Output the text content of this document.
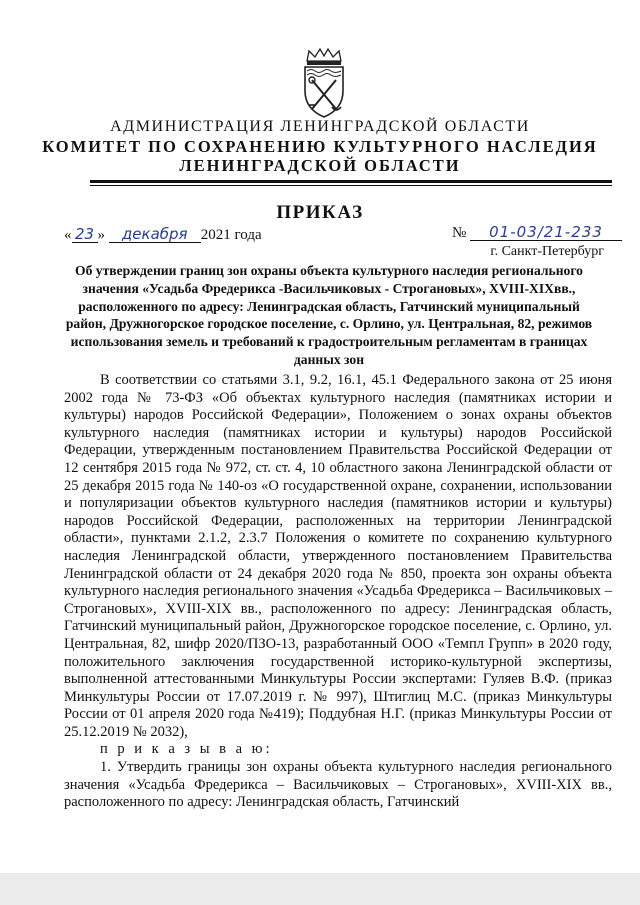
АДМИНИСТРАЦИЯ ЛЕНИНГРАДСКОЙ ОБЛАСТИ
КОМИТЕТ ПО СОХРАНЕНИЮ КУЛЬТУРНОГО НАСЛЕДИЯ
ЛЕНИНГРАДСКОЙ ОБЛАСТИ
ПРИКАЗ
« 23 » декабря 2021 года	№ 01-03/21-233
г. Санкт-Петербург
Об утверждении границ зон охраны объекта культурного наследия регионального значения «Усадьба Фредерикса -Васильчиковых - Строгановых», XVIII-XIXвв., расположенного по адресу: Ленинградская область, Гатчинский муниципальный район, Дружногорское городское поселение, с. Орлино, ул. Центральная, 82, режимов использования земель и требований к градостроительным регламентам в границах данных зон

В соответствии со статьями 3.1, 9.2, 16.1, 45.1 Федерального закона от 25 июня 2002 года № 73-ФЗ «Об объектах культурного наследия (памятниках истории и культуры) народов Российской Федерации», Положением о зонах охраны объектов культурного наследия (памятниках истории и культуры) народов Российской Федерации, утвержденным постановлением Правительства Российской Федерации от 12 сентября 2015 года № 972, ст. ст. 4, 10 областного закона Ленинградской области от 25 декабря 2015 года № 140-оз «О государственной охране, сохранении, использовании и популяризации объектов культурного наследия (памятников истории и культуры) народов Российской Федерации, расположенных на территории Ленинградской области», пунктами 2.1.2, 2.3.7 Положения о комитете по сохранению культурного наследия Ленинградской области, утвержденного постановлением Правительства Ленинградской области от 24 декабря 2020 года № 850, проекта зон охраны объекта культурного наследия регионального значения «Усадьба Фредерикса – Васильчиковых – Строгановых», XVIII-XIX вв., расположенного по адресу: Ленинградская область, Гатчинский муниципальный район, Дружногорское городское поселение, с. Орлино, ул. Центральная, 82, шифр 2020/ПЗО-13, разработанный ООО «Темпл Групп» в 2020 году, положительного заключения государственной историко-культурной экспертизы, выполненной аттестованными Минкультуры России экспертами: Гуляев В.Ф. (приказ Минкультуры России от 17.07.2019 г. № 997), Штиглиц М.С. (приказ Минкультуры России от 01 апреля 2020 года №419); Поддубная Н.Г. (приказ Минкультуры России от 25.12.2019 № 2032),

п р и к а з ы в а ю:

1. Утвердить границы зон охраны объекта культурного наследия регионального значения «Усадьба Фредерикса – Васильчиковых – Строгановых», XVIII-XIX вв., расположенного по адресу: Ленинградская область, Гатчинский
